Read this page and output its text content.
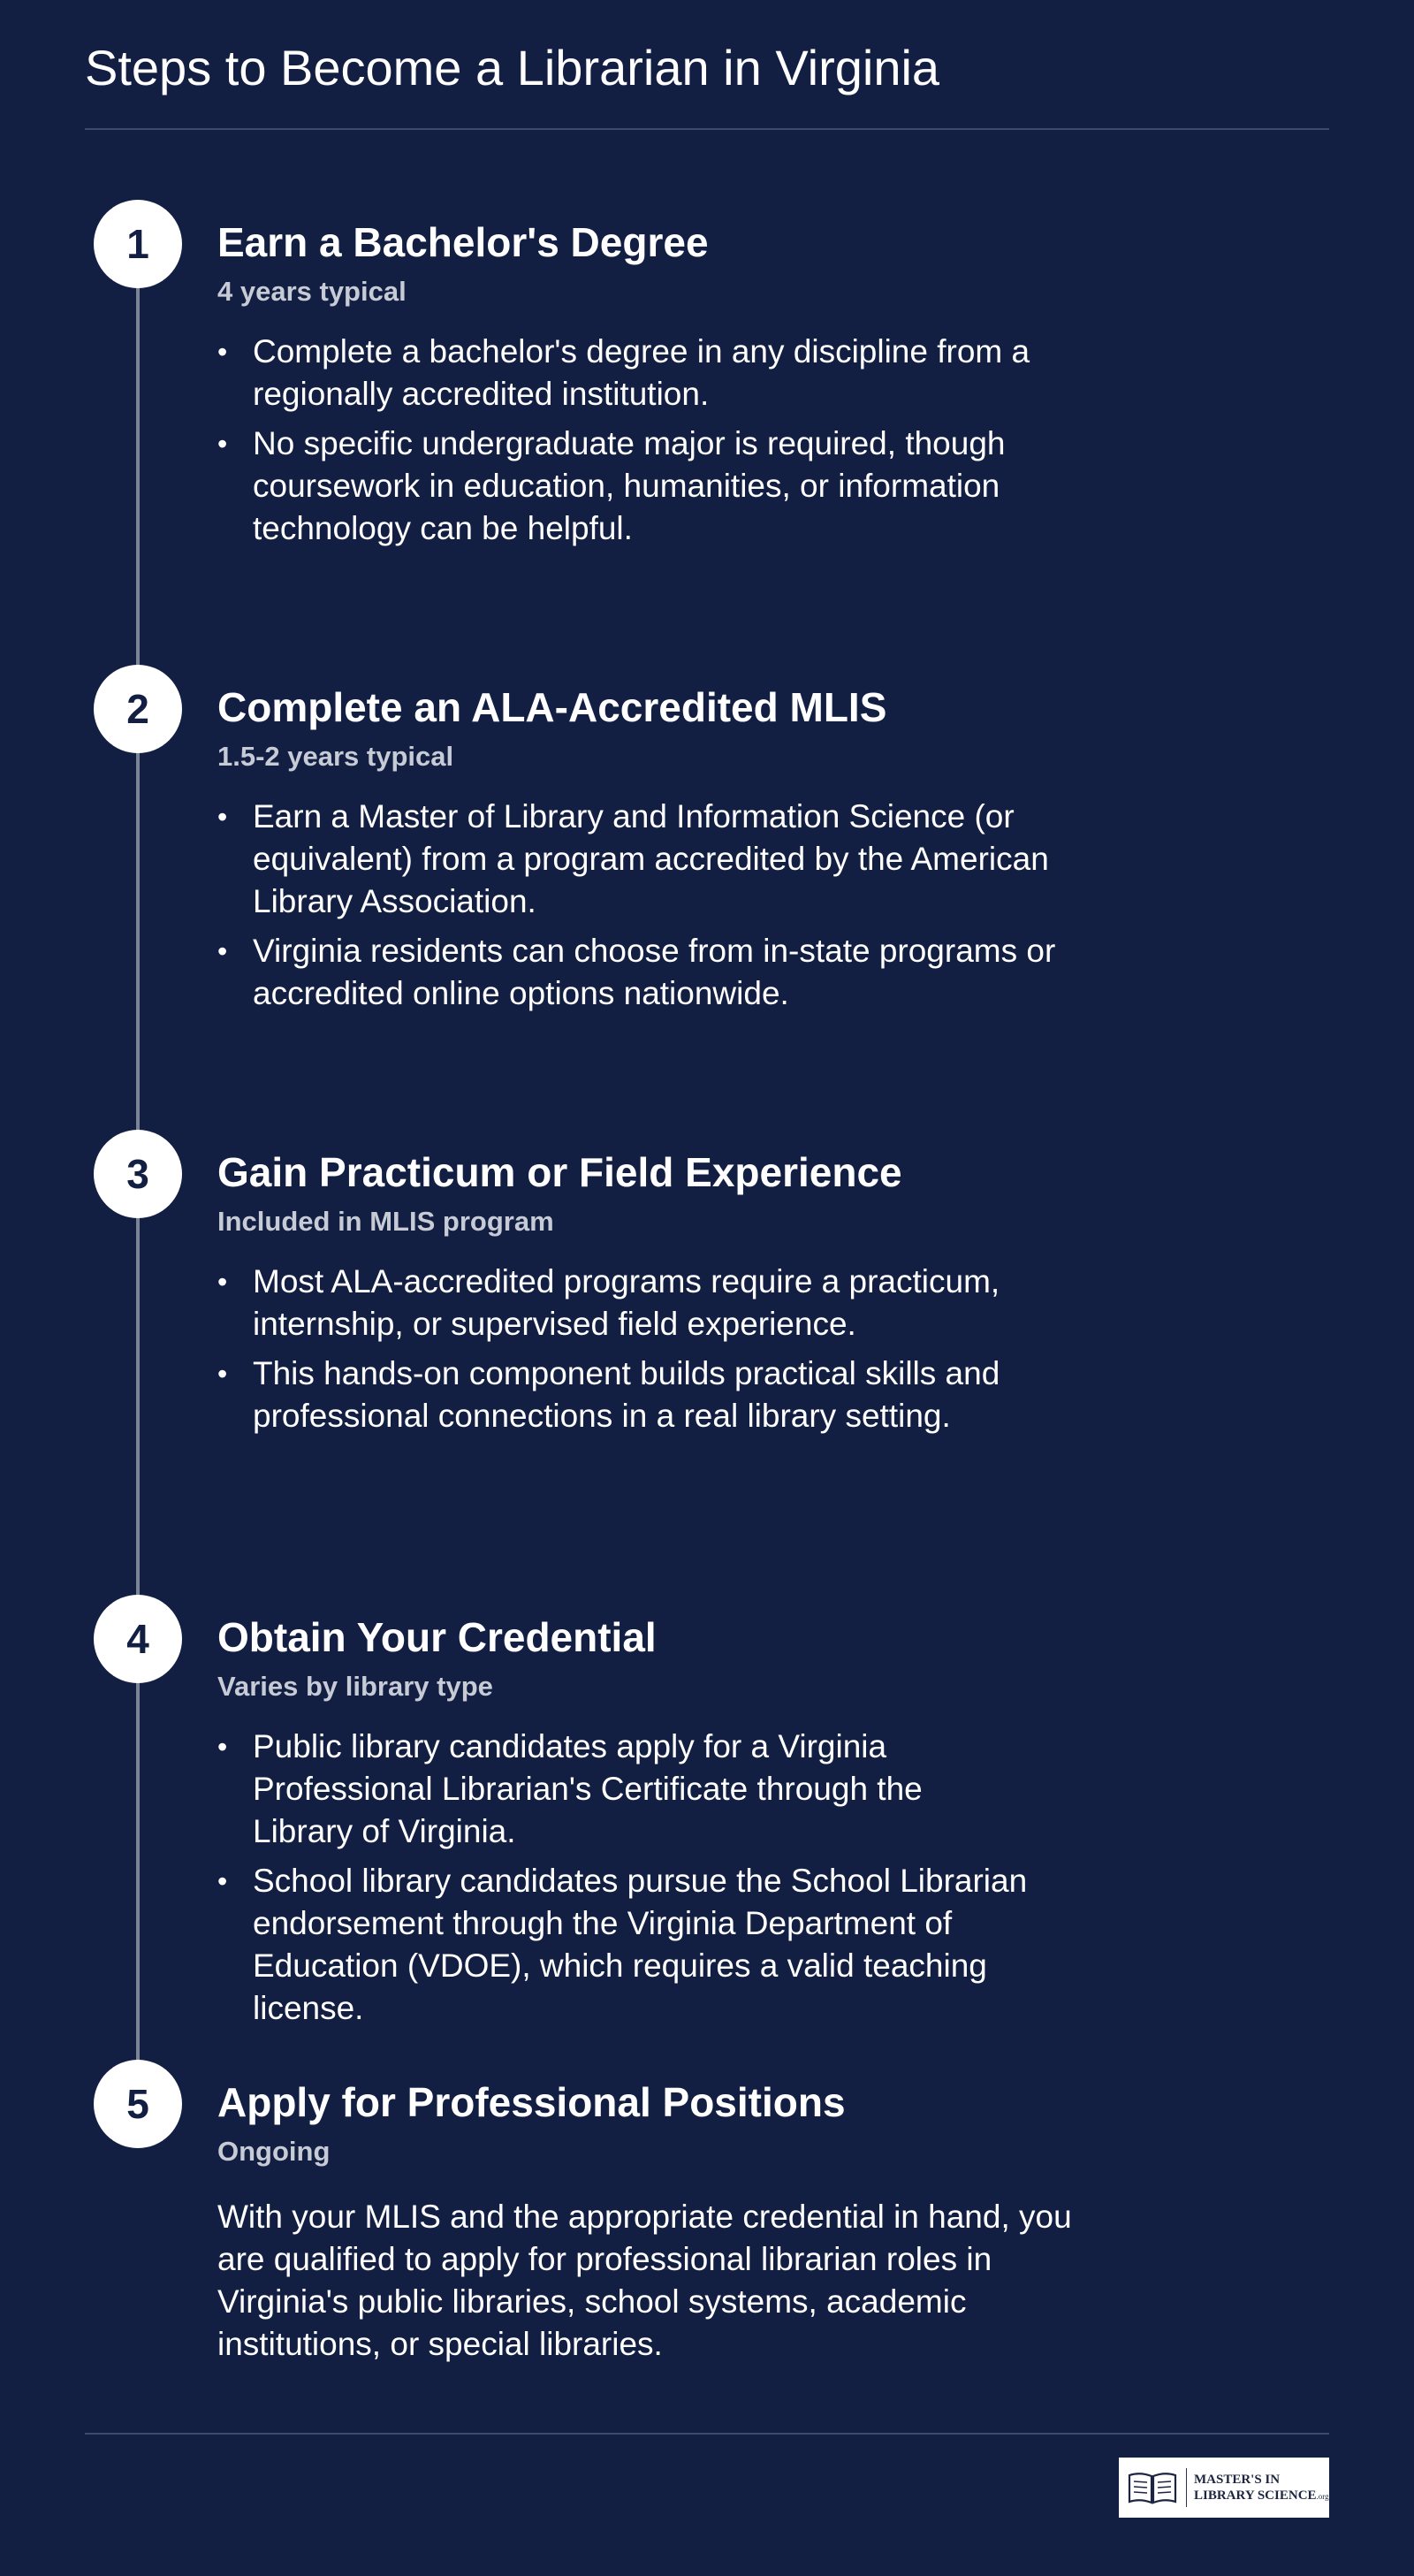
Steps to Become a Librarian in Virginia
1	Earn a Bachelor's Degree
4 years typical
• Complete a bachelor's degree in any discipline from a regionally accredited institution.
• No specific undergraduate major is required, though coursework in education, humanities, or information technology can be helpful.
2	Complete an ALA-Accredited MLIS
1.5-2 years typical
• Earn a Master of Library and Information Science (or equivalent) from a program accredited by the American Library Association.
• Virginia residents can choose from in-state programs or accredited online options nationwide.
3	Gain Practicum or Field Experience
Included in MLIS program
• Most ALA-accredited programs require a practicum, internship, or supervised field experience.
• This hands-on component builds practical skills and professional connections in a real library setting.
4	Obtain Your Credential
Varies by library type
• Public library candidates apply for a Virginia Professional Librarian's Certificate through the Library of Virginia.
• School library candidates pursue the School Librarian endorsement through the Virginia Department of Education (VDOE), which requires a valid teaching license.
5	Apply for Professional Positions
Ongoing

With your MLIS and the appropriate credential in hand, you are qualified to apply for professional librarian roles in Virginia's public libraries, school systems, academic institutions, or special libraries.

MASTER'S IN
LIBRARY SCIENCE.org
